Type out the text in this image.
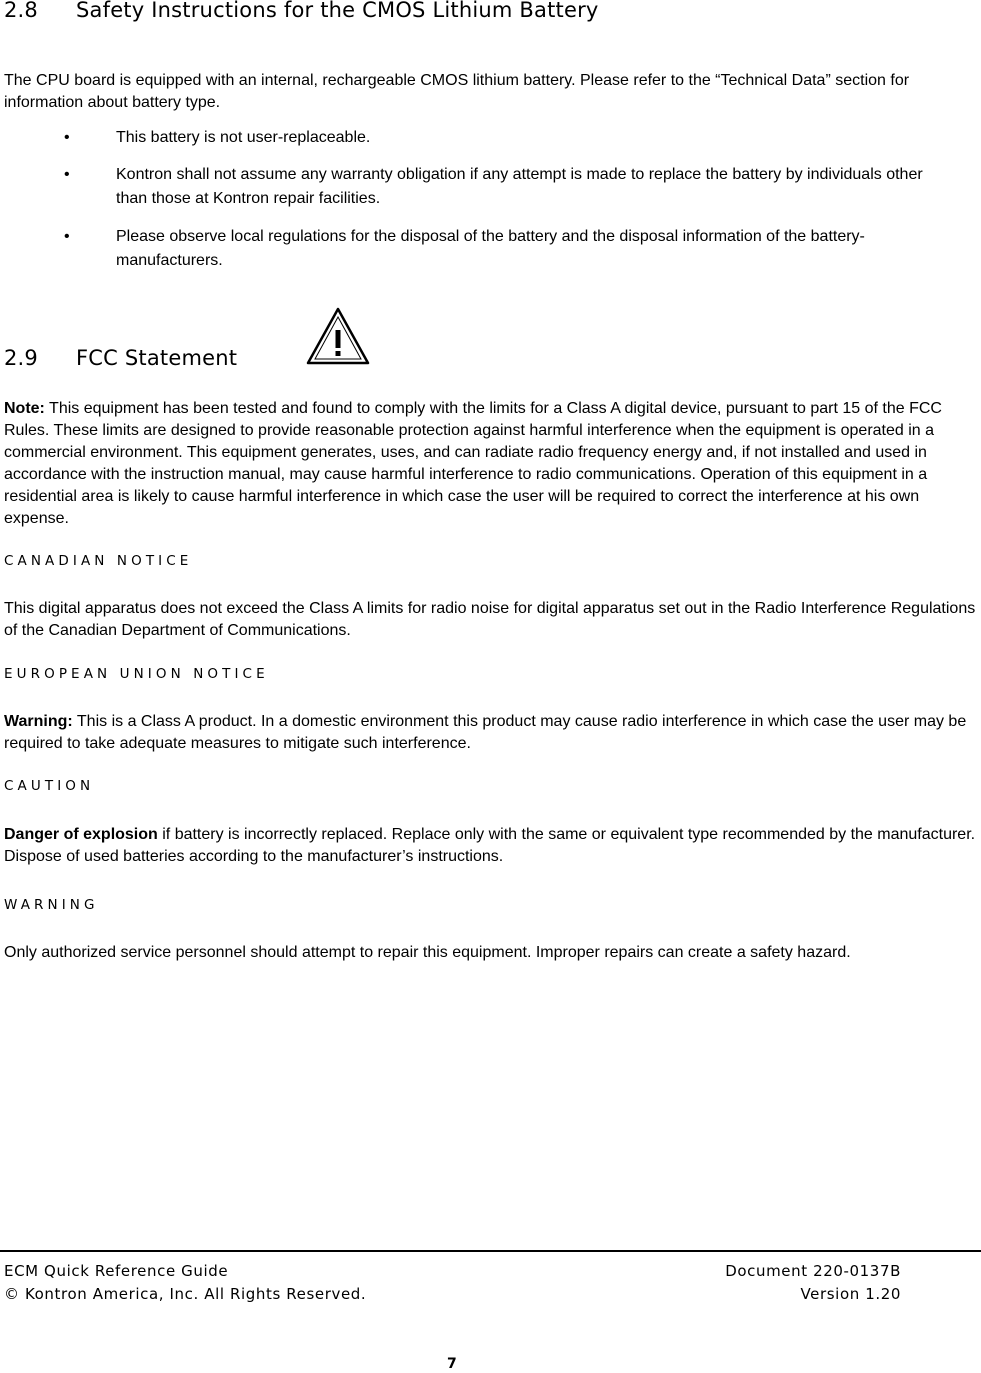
2.8 Safety Instructions for the CMOS Lithium Battery

The CPU board is equipped with an internal, rechargeable CMOS lithium battery. Please refer to the “Technical Data” section for information about battery type.

•	This battery is not user-replaceable.
•	Kontron shall not assume any warranty obligation if any attempt is made to replace the battery by individuals other than those at Kontron repair facilities.
•	Please observe local regulations for the disposal of the battery and the disposal information of the battery-manufacturers.
2.9 FCC Statement

Note: This equipment has been tested and found to comply with the limits for a Class A digital device, pursuant to part 15 of the FCC Rules. These limits are designed to provide reasonable protection against harmful interference when the equipment is operated in a commercial environment. This equipment generates, uses, and can radiate radio frequency energy and, if not installed and used in accordance with the instruction manual, may cause harmful interference to radio communications. Operation of this equipment in a residential area is likely to cause harmful interference in which case the user will be required to correct the interference at his own expense.

CANADIAN NOTICE

This digital apparatus does not exceed the Class A limits for radio noise for digital apparatus set out in the Radio Interference Regulations of the Canadian Department of Communications.

EUROPEAN UNION NOTICE

Warning: This is a Class A product. In a domestic environment this product may cause radio interference in which case the user may be required to take adequate measures to mitigate such interference.

CAUTION

Danger of explosion if battery is incorrectly replaced. Replace only with the same or equivalent type recommended by the manufacturer. Dispose of used batteries according to the manufacturer’s instructions.

WARNING

Only authorized service personnel should attempt to repair this equipment. Improper repairs can create a safety hazard.

ECM Quick Reference Guide	Document 220-0137B
© Kontron America, Inc. All Rights Reserved.	Version 1.20
7
